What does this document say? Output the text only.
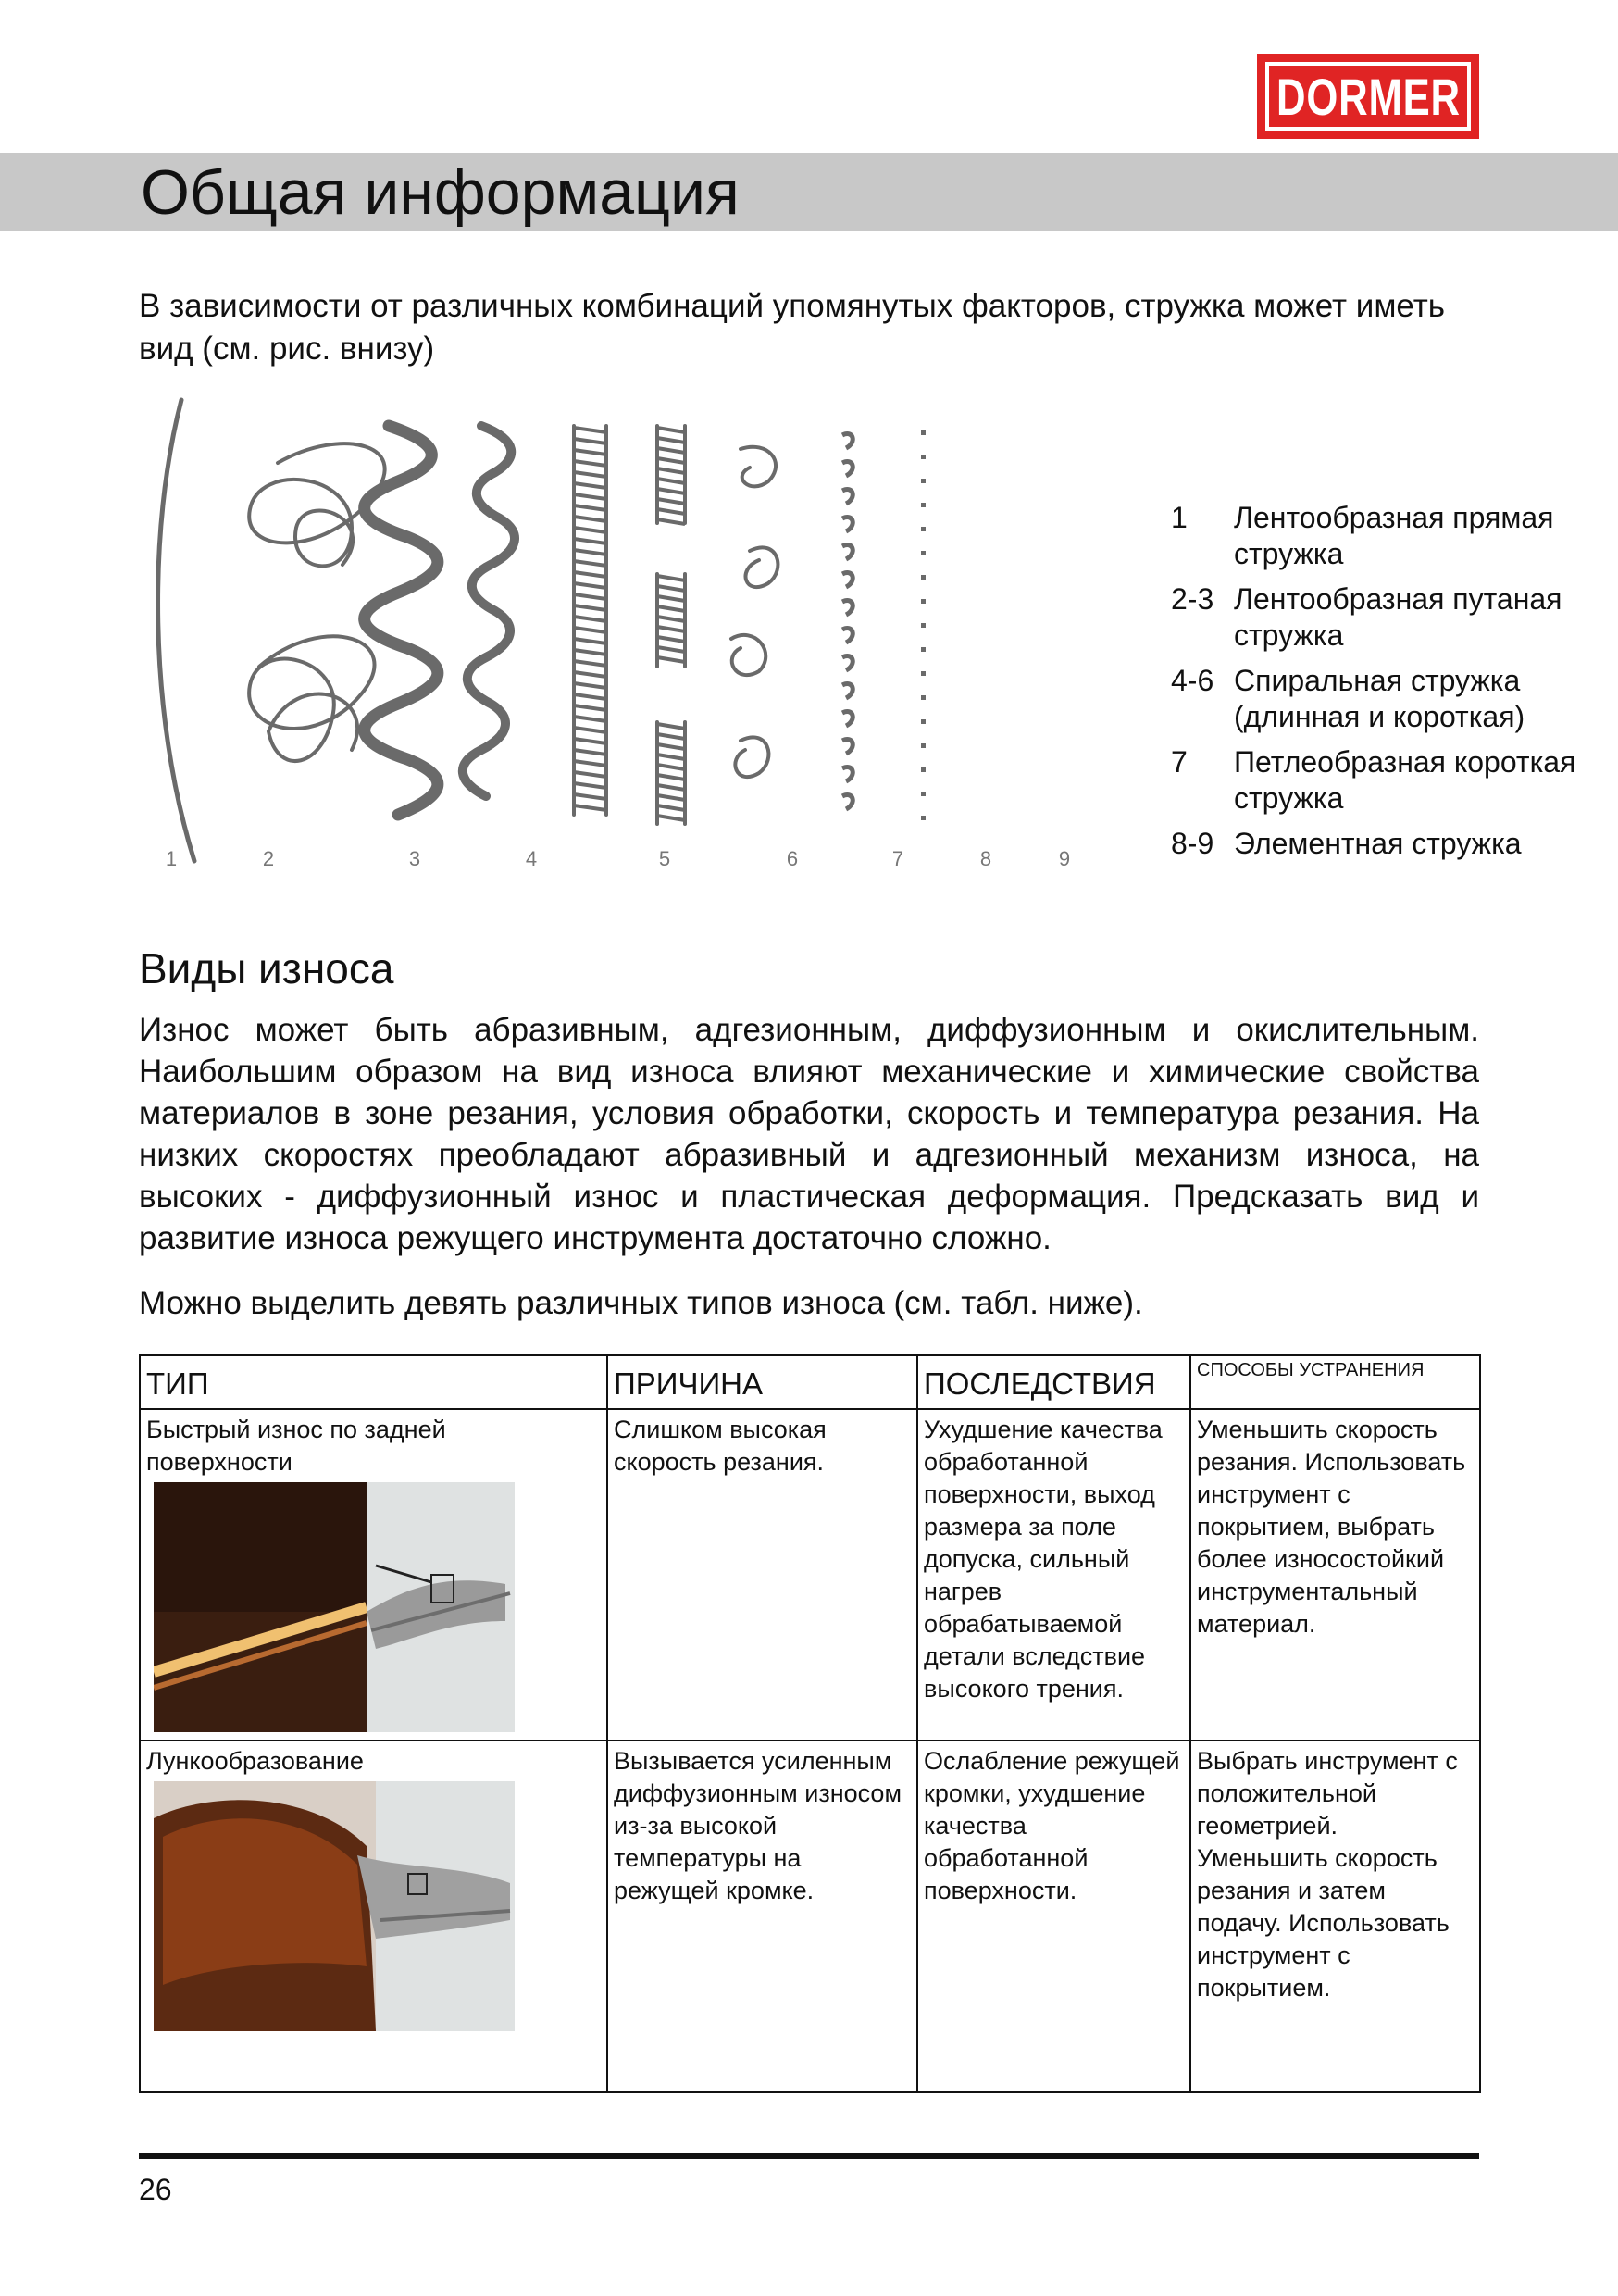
DORMER
Общая информация
В зависимости от различных комбинаций упомянутых факторов, стружка может иметь вид (см. рис. внизу)
1	2	3	4	5	6	7	8	9
1	Лентообразная прямая стружка
2-3 Лентообразная путаная стружка
4-6 Спиральная стружка (длинная и короткая)
7	Петлеобразная короткая стружка
8-9 Элементная стружка
Виды износа
Износ может быть абразивным, адгезионным, диффузионным и окислительным. Наибольшим образом на вид износа влияют механические и химические свойства материалов в зоне резания, условия обработки, скорость и температура резания. На низких скоростях преобладают абразивный и адгезионный механизм износа, на высоких - диффузионный износ и пластическая деформация. Предсказать вид и развитие износа режущего инструмента достаточно сложно.
Можно выделить девять различных типов износа (см. табл. ниже).
ТИП	ПРИЧИНА	ПОСЛЕДСТВИЯ	СПОСОБЫ УСТРАНЕНИЯ

Быстрый износ по задней поверхности	Слишком высокая скорость резания.	Ухудшение качества обработанной поверхности, выход размера за поле допуска, сильный нагрев обрабатываемой детали вследствие высокого трения.	Уменьшить скорость резания. Использовать инструмент с покрытием, выбрать более износостойкий инструментальный материал.

Лункообразование	Вызывается усиленным диффузионным износом из-за высокой температуры на режущей кромке.	Ослабление режущей кромки, ухудшение качества обработанной поверхности.	Выбрать инструмент с положительной геометрией. Уменьшить скорость резания и затем подачу. Использовать инструмент с покрытием.
26
